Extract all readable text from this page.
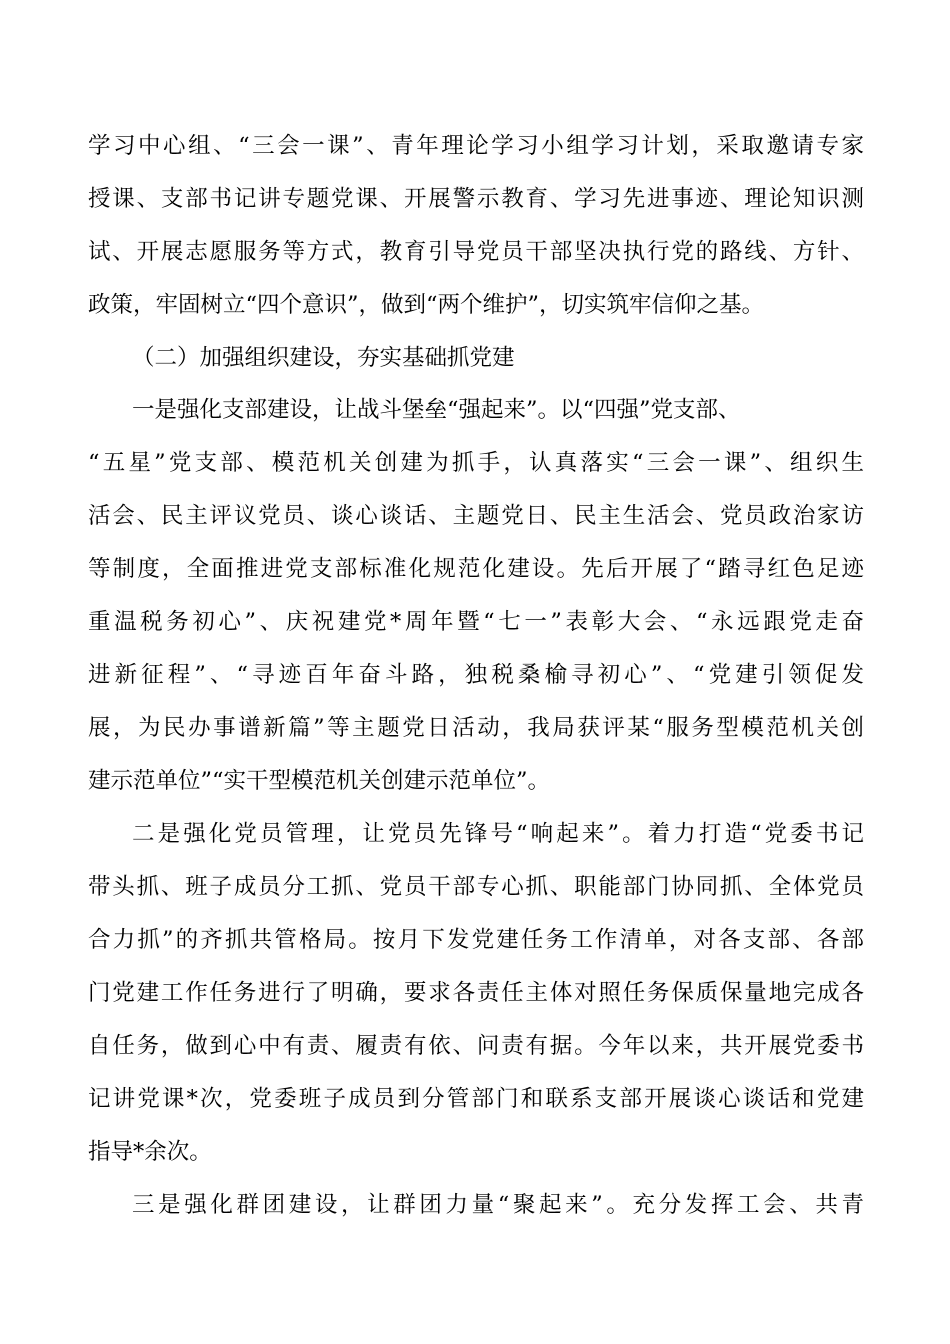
学习中心组、“三会一课”、青年理论学习小组学习计划，采取邀请专家
授课、支部书记讲专题党课、开展警示教育、学习先进事迹、理论知识测
试、开展志愿服务等方式，教育引导党员干部坚决执行党的路线、方针、
政策，牢固树立“四个意识”，做到“两个维护”，切实筑牢信仰之基。
（二）加强组织建设，夯实基础抓党建
一是强化支部建设，让战斗堡垒“强起来”。以“四强”党支部、
“五星”党支部、模范机关创建为抓手，认真落实“三会一课”、组织生
活会、民主评议党员、谈心谈话、主题党日、民主生活会、党员政治家访
等制度，全面推进党支部标准化规范化建设。先后开展了“踏寻红色足迹
重温税务初心”、庆祝建党*周年暨“七一”表彰大会、“永远跟党走奋
进新征程”、“寻迹百年奋斗路，独税桑榆寻初心”、“党建引领促发
展，为民办事谱新篇”等主题党日活动，我局获评某“服务型模范机关创
建示范单位”“实干型模范机关创建示范单位”。
二是强化党员管理，让党员先锋号“响起来”。着力打造“党委书记
带头抓、班子成员分工抓、党员干部专心抓、职能部门协同抓、全体党员
合力抓”的齐抓共管格局。按月下发党建任务工作清单，对各支部、各部
门党建工作任务进行了明确，要求各责任主体对照任务保质保量地完成各
自任务，做到心中有责、履责有依、问责有据。今年以来，共开展党委书
记讲党课*次，党委班子成员到分管部门和联系支部开展谈心谈话和党建
指导*余次。
三是强化群团建设，让群团力量“聚起来”。充分发挥工会、共青
